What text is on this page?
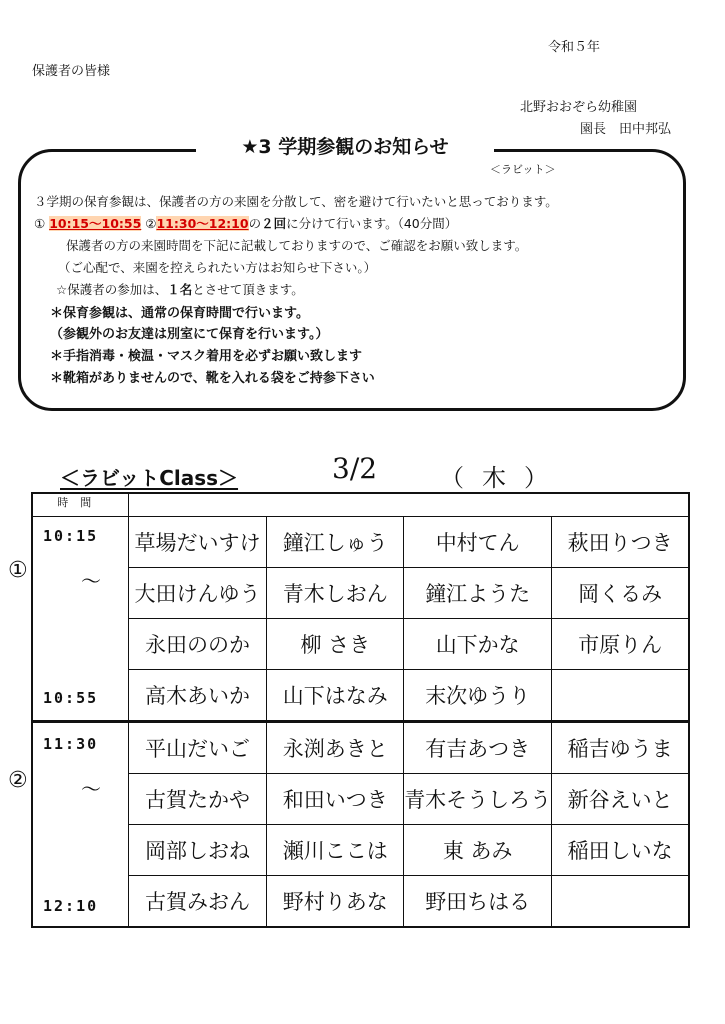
令和５年
保護者の皆様
北野おおぞら幼稚園
園長　田中邦弘
★3 学期参観のお知らせ
＜ラビット＞
３学期の保育参観は、保護者の方の来園を分散して、密を避けて行いたいと思っております。
① 10:15～10:55 ②11:30～12:10の２回に分けて行います。（40分間）
保護者の方の来園時間を下記に記載しておりますので、ご確認をお願い致します。
（ご心配で、来園を控えられたい方はお知らせ下さい。）
☆保護者の参加は、１名とさせて頂きます。
＊保育参観は、通常の保育時間で行います。
（参観外のお友達は別室にて保育を行います。）
＊手指消毒・検温・マスク着用を必ずお願い致します
＊靴箱がありませんので、靴を入れる袋をご持参下さい
＜ラビットClass＞	3/2	（木）
①
②
時間				

10:15
〜
10:55	草場だいすけ	鐘江しゅう	中村てん	萩田りつき
	大田けんゆう	青木しおん	鐘江ようた	岡くるみ
	永田ののか	柳 さき	山下かな	市原りん
	高木あいか	山下はなみ	末次ゆうり	

11:30
〜
12:10	平山だいご	永渕あきと	有吉あつき	稲吉ゆうま
	古賀たかや	和田いつき	青木そうしろう	新谷えいと
	岡部しおね	瀬川ここは	東 あみ	稲田しいな
	古賀みおん	野村りあな	野田ちはる	
